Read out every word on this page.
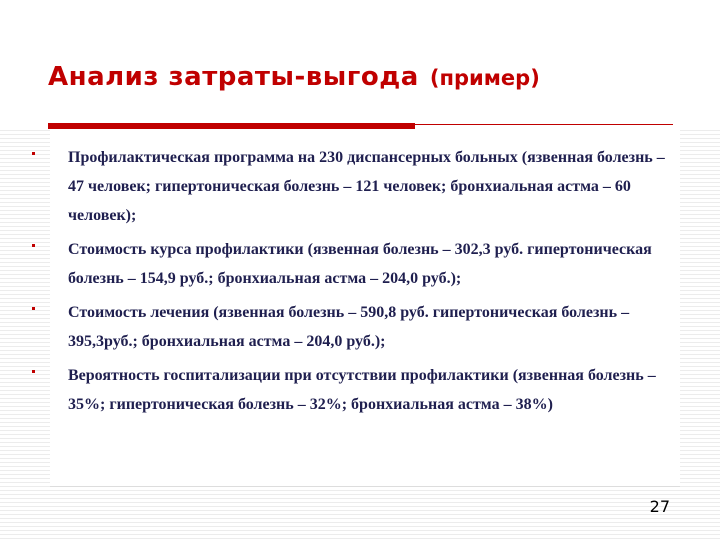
Анализ затраты-выгода (пример)
Профилактическая программа на 230 диспансерных больных (язвенная болезнь – 47 человек; гипертоническая болезнь – 121 человек; бронхиальная астма – 60 человек);
Стоимость курса профилактики (язвенная болезнь – 302,3 руб. гипертоническая болезнь – 154,9 руб.; бронхиальная астма – 204,0 руб.);
Стоимость лечения (язвенная болезнь – 590,8 руб. гипертоническая болезнь – 395,3руб.; бронхиальная астма – 204,0 руб.);
Вероятность госпитализации при отсутствии профилактики (язвенная болезнь – 35%; гипертоническая болезнь – 32%; бронхиальная астма – 38%)
27
